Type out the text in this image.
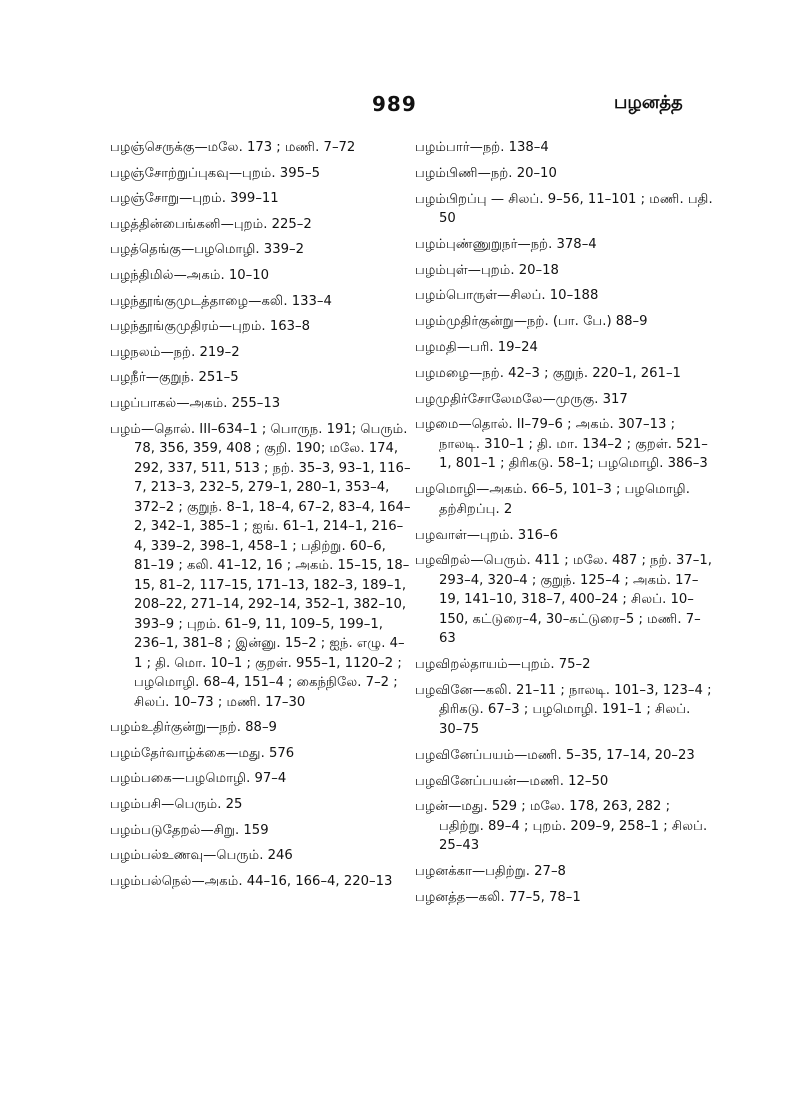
989	பழனத்த

பழஞ்செருக்கு—மலே. 173 ; மணி. 7–72

பழஞ்சோற்றுப்புகவு—புறம். 395–5

பழஞ்சோறு—புறம். 399–11

பழத்தின்பைங்கனி—புறம். 225–2

பழத்தெங்கு—பழமொழி. 339–2

பழந்திமில்—அகம். 10–10

பழந்தூங்குமுடத்தாழை—கலி. 133–4

பழந்தூங்குமுதிரம்—புறம். 163–8

பழநலம்—நற். 219–2

பழநீர்—குறுந். 251–5

பழப்பாகல்—அகம். 255–13

பழம்—தொல். III–634–1 ; பொருந. 191; பெரும். 78, 356, 359, 408 ; குறி. 190; மலே. 174, 292, 337, 511, 513 ; நற். 35–3, 93–1, 116–7, 213–3, 232–5, 279–1, 280–1, 353–4, 372–2 ; குறுந். 8–1, 18–4, 67–2, 83–4, 164–2, 342–1, 385–1 ; ஐங். 61–1, 214–1, 216–4, 339–2, 398–1, 458–1 ; பதிற்று. 60–6, 81–19 ; கலி. 41–12, 16 ; அகம். 15–15, 18–15, 81–2, 117–15, 171–13, 182–3, 189–1, 208–22, 271–14, 292–14, 352–1, 382–10, 393–9 ; புறம். 61–9, 11, 109–5, 199–1, 236–1, 381–8 ; இன்னு. 15–2 ; ஐந். எழு. 4–1 ; தி. மொ. 10–1 ; குறள். 955–1, 1120–2 ; பழமொழி. 68–4, 151–4 ; கைந்நிலே. 7–2 ; சிலப். 10–73 ; மணி. 17–30

பழம்உதிர்குன்று—நற். 88–9

பழம்தேர்வாழ்க்கை—மது. 576

பழம்பகை—பழமொழி. 97–4

பழம்பசி—பெரும். 25

பழம்படுதேறல்—சிறு. 159

பழம்பல்உணவு—பெரும். 246

பழம்பல்நெல்—அகம். 44–16, 166–4, 220–13

பழம்பார்—நற். 138–4

பழம்பிணி—நற். 20–10

பழம்பிறப்பு — சிலப். 9–56, 11–101 ; மணி. பதி. 50

பழம்புண்ணுறுநர்—நற். 378–4

பழம்புள்—புறம். 20–18

பழம்பொருள்—சிலப். 10–188

பழம்முதிர்குன்று—நற். (பா. பே.) 88–9

பழமதி—பரி. 19–24

பழமழை—நற். 42–3 ; குறுந். 220–1, 261–1

பழமுதிர்சோலேமலே—முருகு. 317

பழமை—தொல். II–79–6 ; அகம். 307–13 ; நாலடி. 310–1 ; தி. மா. 134–2 ; குறள். 521–1, 801–1 ; திரிகடு. 58–1; பழமொழி. 386–3

பழமொழி—அகம். 66–5, 101–3 ; பழமொழி. தற்சிறப்பு. 2

பழவாள்—புறம். 316–6

பழவிறல்—பெரும். 411 ; மலே. 487 ; நற். 37–1, 293–4, 320–4 ; குறுந். 125–4 ; அகம். 17–19, 141–10, 318–7, 400–24 ; சிலப். 10–150, கட்டுரை–4, 30–கட்டுரை–5 ; மணி. 7–63

பழவிறல்தாயம்—புறம். 75–2

பழவினே—கலி. 21–11 ; நாலடி. 101–3, 123–4 ; திரிகடு. 67–3 ; பழமொழி. 191–1 ; சிலப். 30–75

பழவினேப்பயம்—மணி. 5–35, 17–14, 20–23

பழவினேப்பயன்—மணி. 12–50

பழன்—மது. 529 ; மலே. 178, 263, 282 ; பதிற்று. 89–4 ; புறம். 209–9, 258–1 ; சிலப். 25–43

பழனக்கா—பதிற்று. 27–8

பழனத்த—கலி. 77–5, 78–1
